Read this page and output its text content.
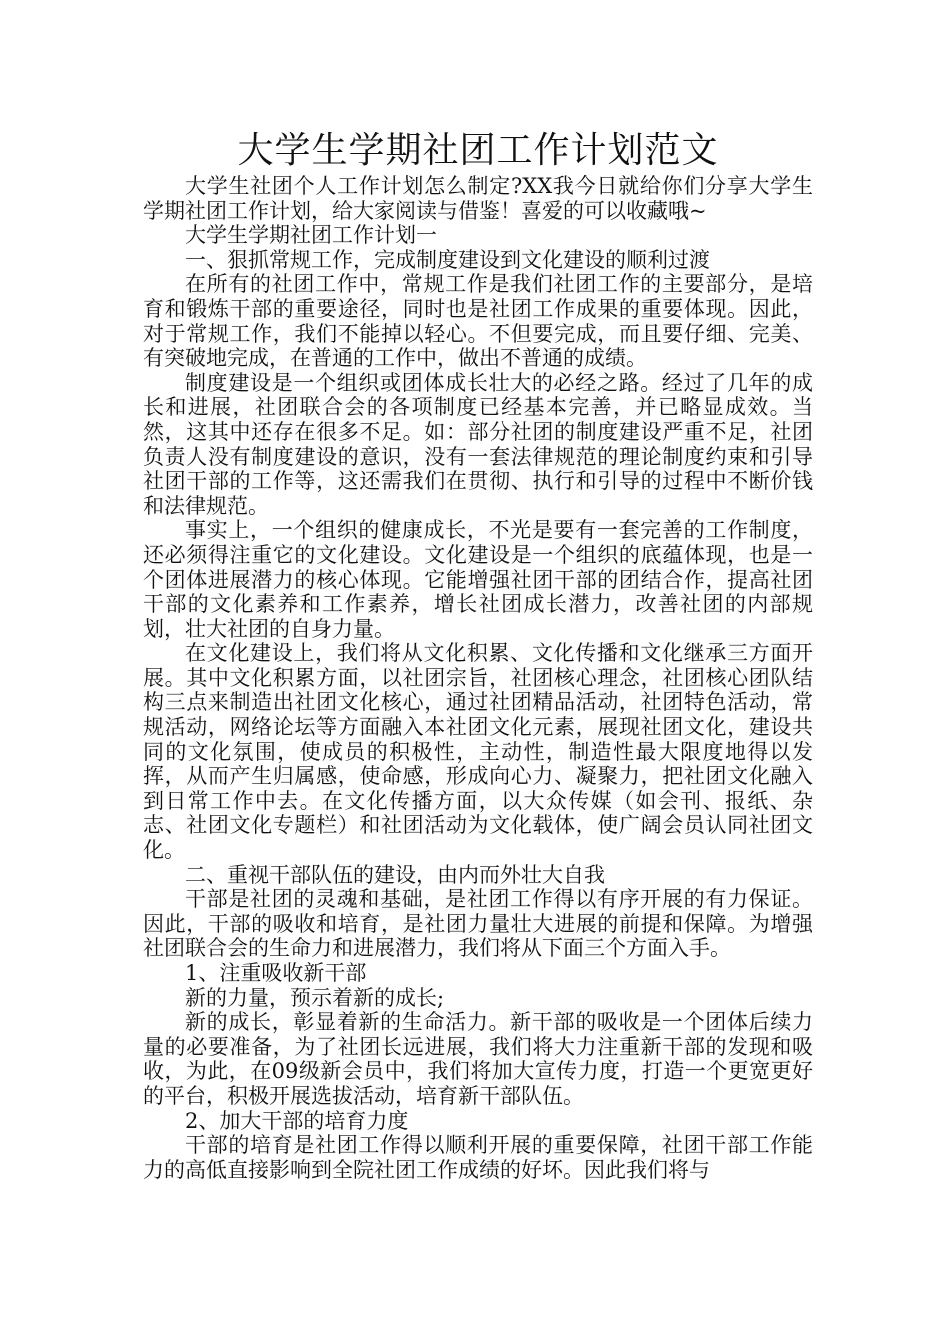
大学生学期社团工作计划范文

大学生社团个人工作计划怎么制定?XX我今日就给你们分享大学生学期社团工作计划，给大家阅读与借鉴！喜爱的可以收藏哦~

大学生学期社团工作计划一

一、狠抓常规工作，完成制度建设到文化建设的顺利过渡

在所有的社团工作中，常规工作是我们社团工作的主要部分，是培育和锻炼干部的重要途径，同时也是社团工作成果的重要体现。因此，对于常规工作，我们不能掉以轻心。不但要完成，而且要仔细、完美、有突破地完成，在普通的工作中，做出不普通的成绩。

制度建设是一个组织或团体成长壮大的必经之路。经过了几年的成长和进展，社团联合会的各项制度已经基本完善，并已略显成效。当然，这其中还存在很多不足。如：部分社团的制度建设严重不足，社团负责人没有制度建设的意识，没有一套法律规范的理论制度约束和引导社团干部的工作等，这还需我们在贯彻、执行和引导的过程中不断价钱和法律规范。

事实上，一个组织的健康成长，不光是要有一套完善的工作制度，还必须得注重它的文化建设。文化建设是一个组织的底蕴体现，也是一个团体进展潜力的核心体现。它能增强社团干部的团结合作，提高社团干部的文化素养和工作素养，增长社团成长潜力，改善社团的内部规划，壮大社团的自身力量。

在文化建设上，我们将从文化积累、文化传播和文化继承三方面开展。其中文化积累方面，以社团宗旨，社团核心理念，社团核心团队结构三点来制造出社团文化核心，通过社团精品活动，社团特色活动，常规活动，网络论坛等方面融入本社团文化元素，展现社团文化，建设共同的文化氛围，使成员的积极性，主动性，制造性最大限度地得以发挥，从而产生归属感，使命感，形成向心力、凝聚力，把社团文化融入到日常工作中去。在文化传播方面，以大众传媒（如会刊、报纸、杂志、社团文化专题栏）和社团活动为文化载体，使广阔会员认同社团文化。

二、重视干部队伍的建设，由内而外壮大自我

干部是社团的灵魂和基础，是社团工作得以有序开展的有力保证。因此，干部的吸收和培育，是社团力量壮大进展的前提和保障。为增强社团联合会的生命力和进展潜力，我们将从下面三个方面入手。

1、注重吸收新干部

新的力量，预示着新的成长;

新的成长，彰显着新的生命活力。新干部的吸收是一个团体后续力量的必要准备，为了社团长远进展，我们将大力注重新干部的发现和吸收，为此，在09级新会员中，我们将加大宣传力度，打造一个更宽更好的平台，积极开展选拔活动，培育新干部队伍。

2、加大干部的培育力度

干部的培育是社团工作得以顺利开展的重要保障，社团干部工作能力的高低直接影响到全院社团工作成绩的好坏。因此我们将与
